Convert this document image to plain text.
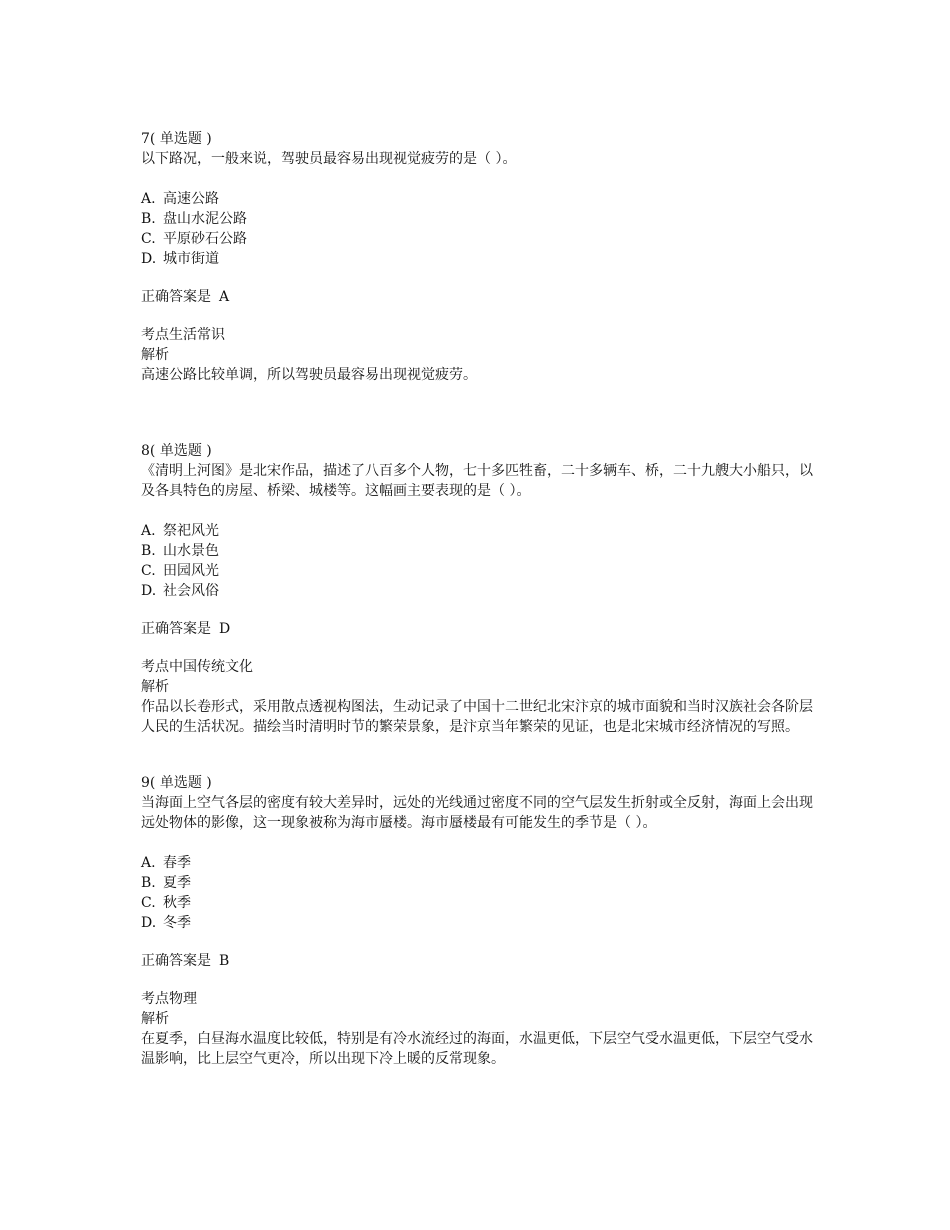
7( 单选题 )
以下路况，一般来说，驾驶员最容易出现视觉疲劳的是（ ）。
A. 高速公路
B. 盘山水泥公路
C. 平原砂石公路
D. 城市街道
正确答案是 A
考点生活常识
解析
高速公路比较单调，所以驾驶员最容易出现视觉疲劳。
8( 单选题 )
《清明上河图》是北宋作品，描述了八百多个人物，七十多匹牲畜，二十多辆车、桥，二十九艘大小船只，以及各具特色的房屋、桥梁、城楼等。这幅画主要表现的是（ ）。
A. 祭祀风光
B. 山水景色
C. 田园风光
D. 社会风俗
正确答案是 D
考点中国传统文化
解析
作品以长卷形式，采用散点透视构图法，生动记录了中国十二世纪北宋汴京的城市面貌和当时汉族社会各阶层人民的生活状况。描绘当时清明时节的繁荣景象，是汴京当年繁荣的见证，也是北宋城市经济情况的写照。
9( 单选题 )
当海面上空气各层的密度有较大差异时，远处的光线通过密度不同的空气层发生折射或全反射，海面上会出现远处物体的影像，这一现象被称为海市蜃楼。海市蜃楼最有可能发生的季节是（ ）。
A. 春季
B. 夏季
C. 秋季
D. 冬季
正确答案是 B
考点物理
解析
在夏季，白昼海水温度比较低，特别是有冷水流经过的海面，水温更低，下层空气受水温更低，下层空气受水温影响，比上层空气更冷，所以出现下冷上暖的反常现象。
